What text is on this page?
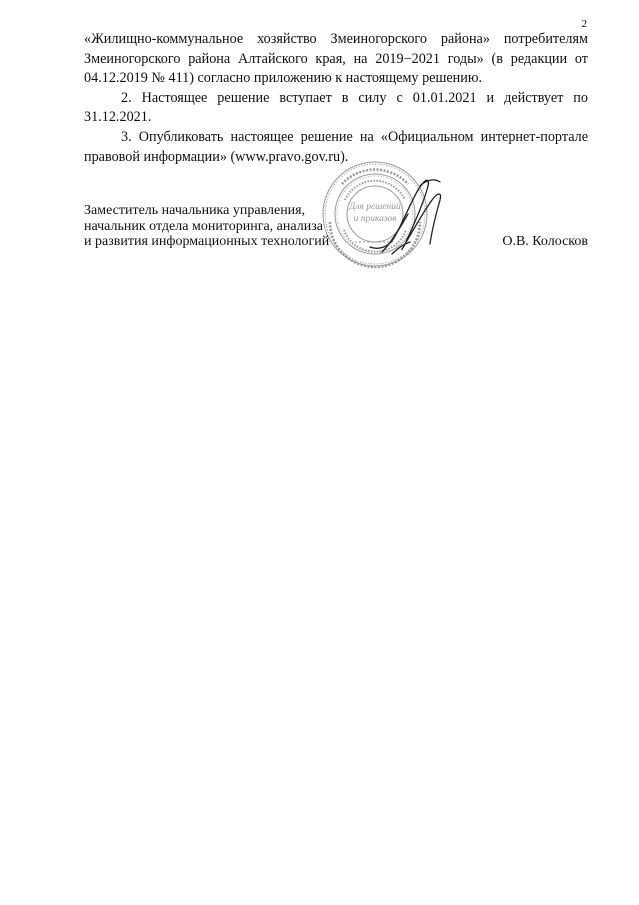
2

«Жилищно-коммунальное хозяйство Змеиногорского района» потребителям Змеиногорского района Алтайского края, на 2019−2021 годы» (в редакции от 04.12.2019 № 411) согласно приложению к настоящему решению.

2. Настоящее решение вступает в силу с 01.01.2021 и действует по 31.12.2021.

3. Опубликовать настоящее решение на «Официальном интернет-портале правовой информации» (www.pravo.gov.ru).

Для решений
и приказов
Заместитель начальника управления,
начальник отдела мониторинга, анализа
и развития информационных технологий	О.В. Колосков
